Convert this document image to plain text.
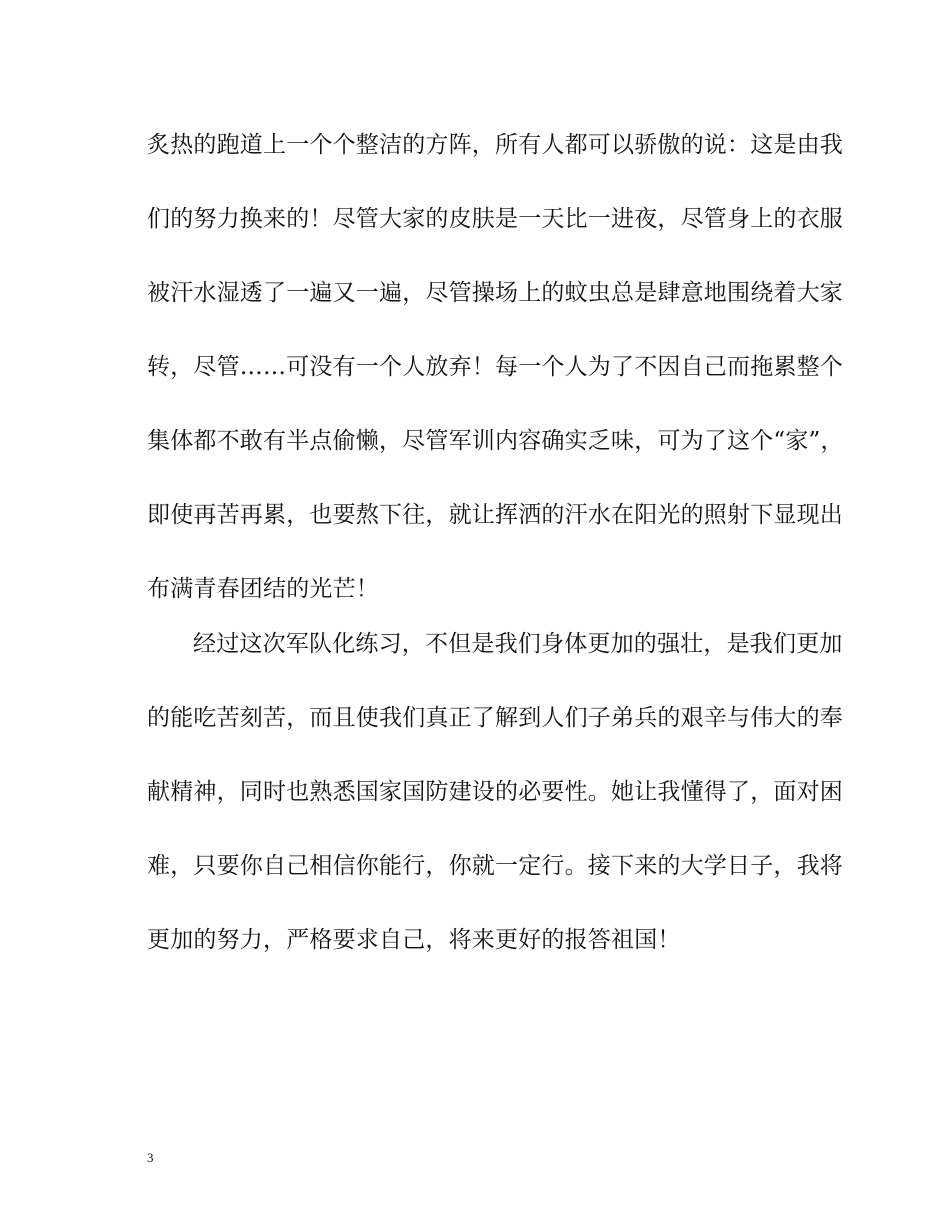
炙热的跑道上一个个整洁的方阵，所有人都可以骄傲的说：这是由我
们的努力换来的！尽管大家的皮肤是一天比一进夜，尽管身上的衣服
被汗水湿透了一遍又一遍，尽管操场上的蚊虫总是肆意地围绕着大家
转，尽管……可没有一个人放弃！每一个人为了不因自己而拖累整个
集体都不敢有半点偷懒，尽管军训内容确实乏味，可为了这个“家”，
即使再苦再累，也要熬下往，就让挥洒的汗水在阳光的照射下显现出
布满青春团结的光芒！
经过这次军队化练习，不但是我们身体更加的强壮，是我们更加
的能吃苦刻苦，而且使我们真正了解到人们子弟兵的艰辛与伟大的奉
献精神，同时也熟悉国家国防建设的必要性。她让我懂得了，面对困
难，只要你自己相信你能行，你就一定行。接下来的大学日子，我将
更加的努力，严格要求自己，将来更好的报答祖国！
3
